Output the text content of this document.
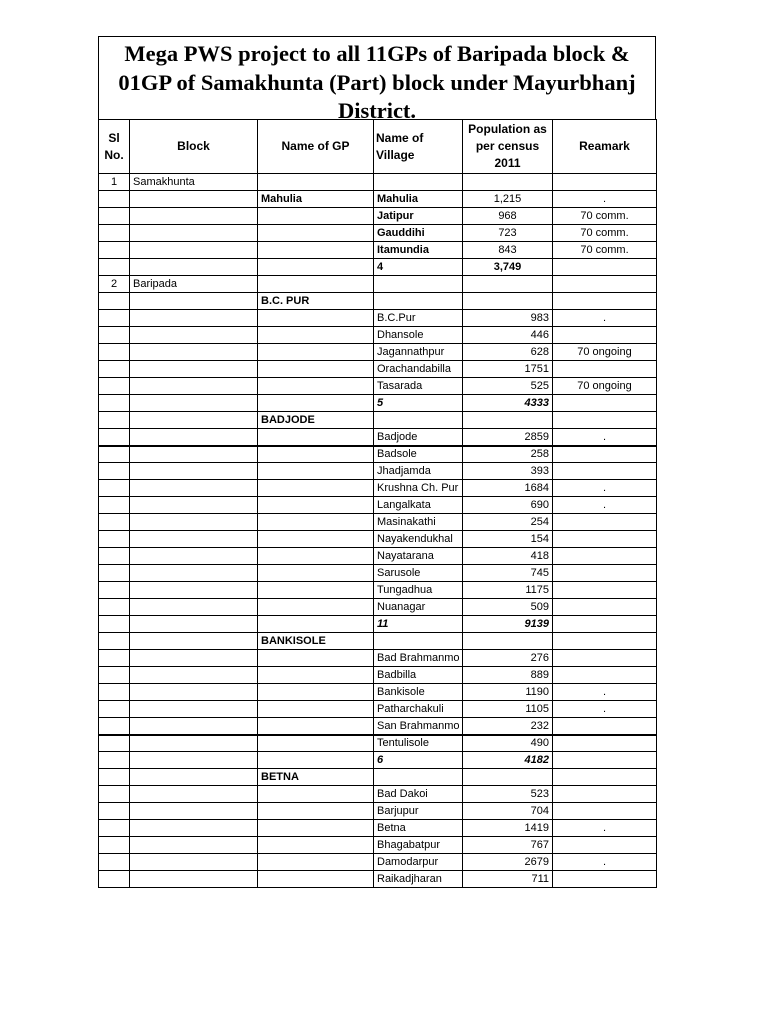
Mega PWS project to all 11GPs of Baripada block & 01GP of Samakhunta (Part) block under Mayurbhanj District.
Sl No.	Block	Name of GP	Name of Village	Population as per census 2011	Reamark
1	Samakhunta				
		Mahulia	Mahulia	1,215	.
			Jatipur	968	70 comm.
			Gauddihi	723	70 comm.
			Itamundia	843	70 comm.
			4	3,749	
2	Baripada				
		B.C. PUR			
			B.C.Pur	983	.
			Dhansole	446	
			Jagannathpur	628	70 ongoing
			Orachandabilla	1751	
			Tasarada	525	70 ongoing
			5	4333	
		BADJODE			
			Badjode	2859	.
			Badsole	258	
			Jhadjamda	393	
			Krushna Ch. Pur	1684	.
			Langalkata	690	.
			Masinakathi	254	
			Nayakendukhal	154	
			Nayatarana	418	
			Sarusole	745	
			Tungadhua	1175	
			Nuanagar	509	
			11	9139	
		BANKISOLE			
			Bad Brahmanmo	276	
			Badbilla	889	
			Bankisole	1190	.
			Patharchakuli	1105	.
			San Brahmanmo	232	
			Tentulisole	490	
			6	4182	
		BETNA			
			Bad Dakoi	523	
			Barjupur	704	
			Betna	1419	.
			Bhagabatpur	767	
			Damodarpur	2679	.
			Raikadjharan	711	
